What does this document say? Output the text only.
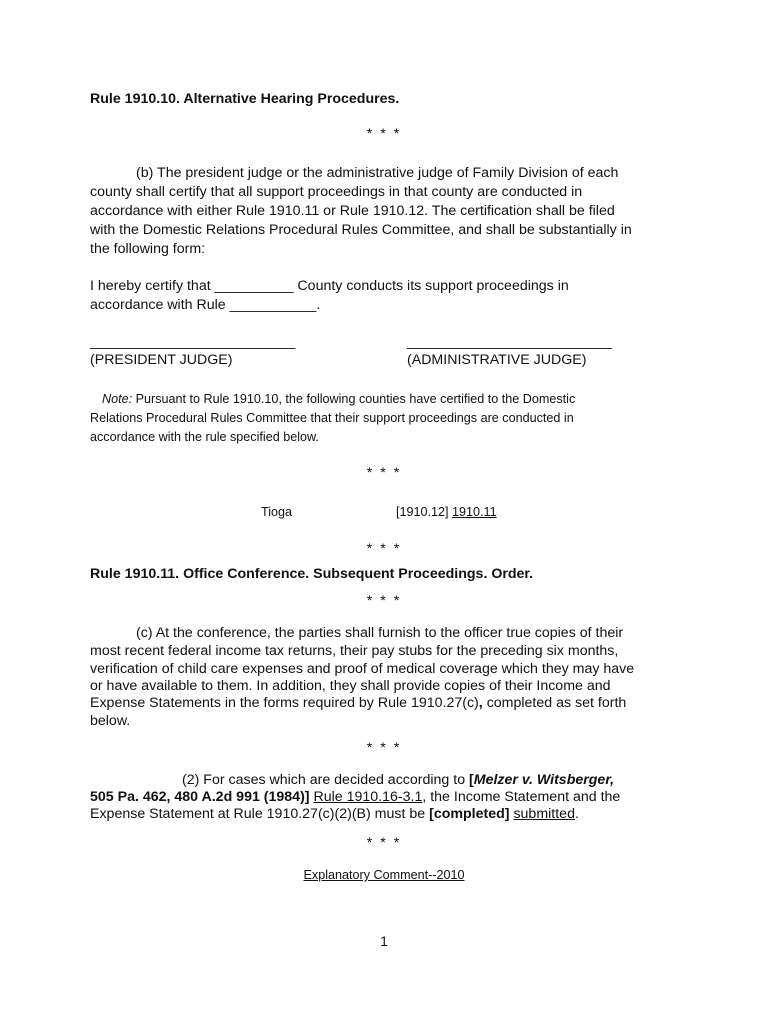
Rule 1910.10. Alternative Hearing Procedures.

* * *

(b) The president judge or the administrative judge of Family Division of each

county shall certify that all support proceedings in that county are conducted in

accordance with either Rule 1910.11 or Rule 1910.12. The certification shall be filed

with the Domestic Relations Procedural Rules Committee, and shall be substantially in

the following form:

I hereby certify that __________ County conducts its support proceedings in

accordance with Rule ___________.

__________________________	__________________________

(PRESIDENT JUDGE)	(ADMINISTRATIVE JUDGE)

Note: Pursuant to Rule 1910.10, the following counties have certified to the Domestic

Relations Procedural Rules Committee that their support proceedings are conducted in

accordance with the rule specified below.

* * *

Tioga	[1910.12] 1910.11

* * *

Rule 1910.11. Office Conference. Subsequent Proceedings. Order.

* * *

(c) At the conference, the parties shall furnish to the officer true copies of their

most recent federal income tax returns, their pay stubs for the preceding six months,

verification of child care expenses and proof of medical coverage which they may have

or have available to them. In addition, they shall provide copies of their Income and

Expense Statements in the forms required by Rule 1910.27(c), completed as set forth

below.

* * *

(2) For cases which are decided according to [Melzer v. Witsberger,

505 Pa. 462, 480 A.2d 991 (1984)] Rule 1910.16-3.1, the Income Statement and the

Expense Statement at Rule 1910.27(c)(2)(B) must be [completed] submitted.

* * *

Explanatory Comment--2010

1
